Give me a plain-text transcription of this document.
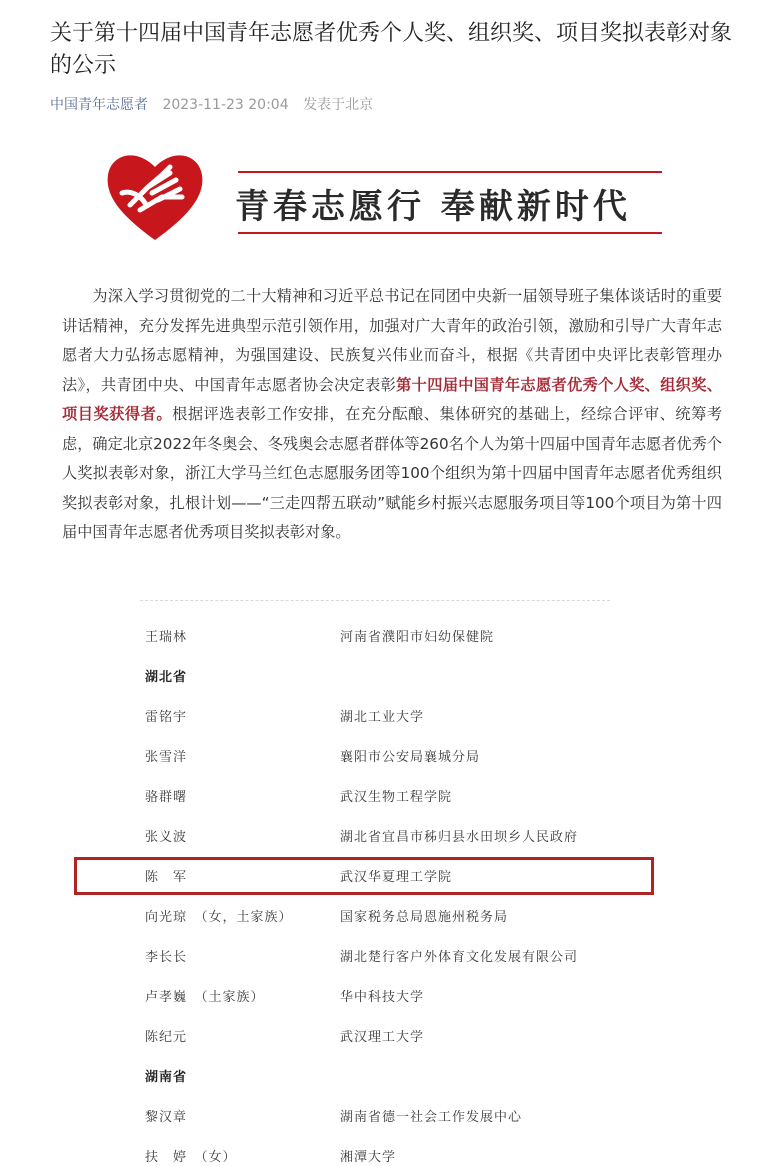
关于第十四届中国青年志愿者优秀个人奖、组织奖、项目奖拟表彰对象的公示
中国青年志愿者 2023-11-23 20:04 发表于北京
青春志愿行 奉献新时代

为深入学习贯彻党的二十大精神和习近平总书记在同团中央新一届领导班子集体谈话时的重要讲话精神，充分发挥先进典型示范引领作用，加强对广大青年的政治引领，激励和引导广大青年志愿者大力弘扬志愿精神，为强国建设、民族复兴伟业而奋斗，根据《共青团中央评比表彰管理办法》，共青团中央、中国青年志愿者协会决定表彰第十四届中国青年志愿者优秀个人奖、组织奖、项目奖获得者。根据评选表彰工作安排，在充分酝酿、集体研究的基础上，经综合评审、统筹考虑，确定北京2022年冬奥会、冬残奥会志愿者群体等260名个人为第十四届中国青年志愿者优秀个人奖拟表彰对象，浙江大学马兰红色志愿服务团等100个组织为第十四届中国青年志愿者优秀组织奖拟表彰对象，扎根计划——“三走四帮五联动”赋能乡村振兴志愿服务项目等100个项目为第十四届中国青年志愿者优秀项目奖拟表彰对象。

王瑞林	河南省濮阳市妇幼保健院
湖北省
雷铭宇	湖北工业大学
张雪洋	襄阳市公安局襄城分局
骆群曙	武汉生物工程学院
张义波	湖北省宜昌市秭归县水田坝乡人民政府
陈　军	武汉华夏理工学院
向光琼　（女，土家族）	国家税务总局恩施州税务局
李长长	湖北楚行客户外体育文化发展有限公司
卢孝巍　（土家族）	华中科技大学
陈纪元	武汉理工大学
湖南省
黎汉章	湖南省德一社会工作发展中心
扶　婷　（女）	湘潭大学
